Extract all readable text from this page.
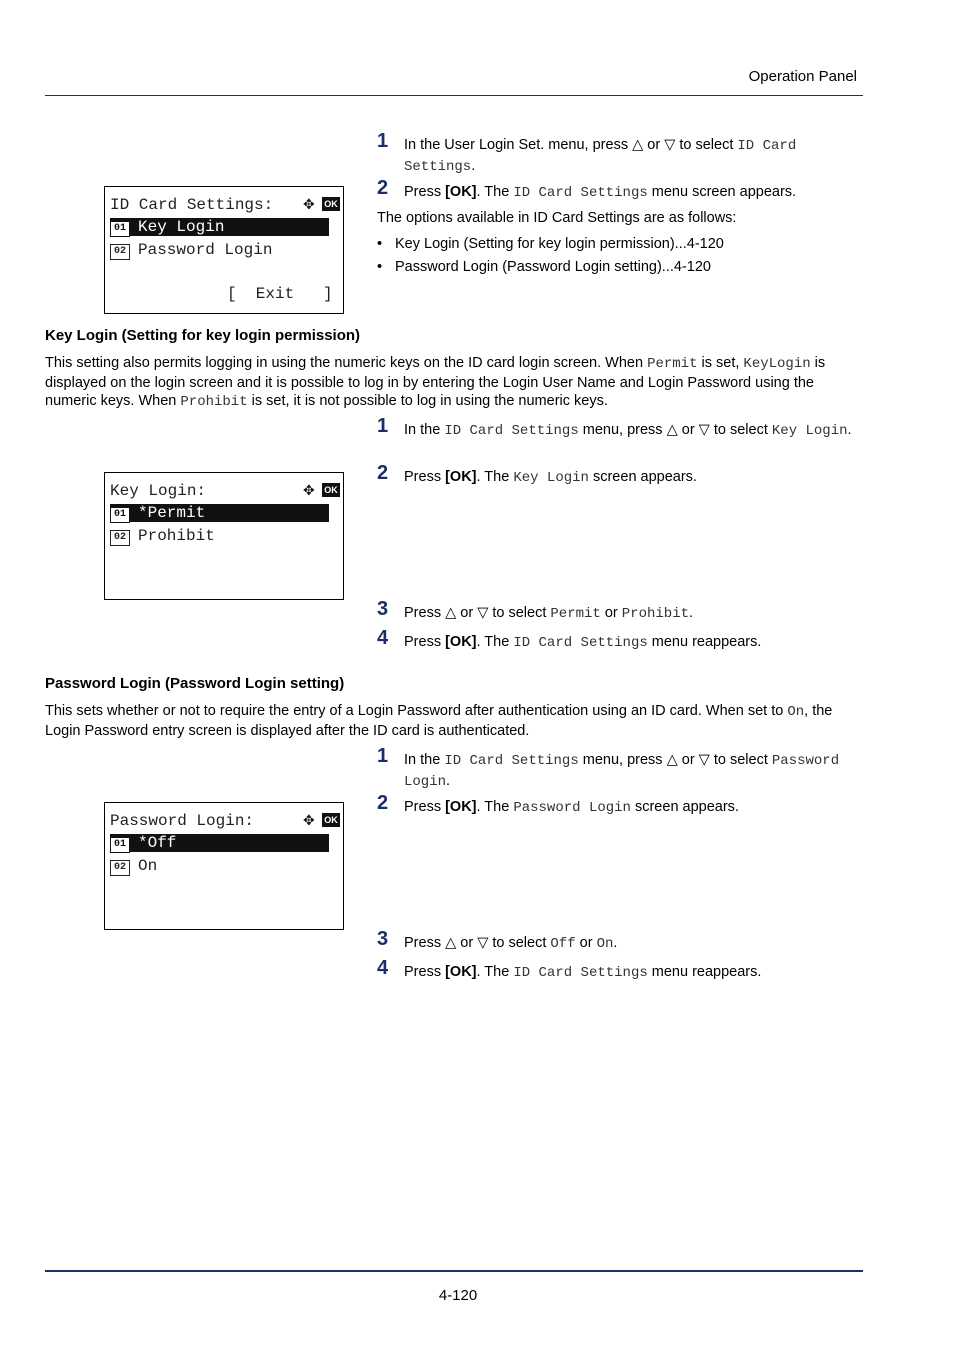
Operation Panel
ID Card Settings: ✥ OK
01 Key Login
02 Password Login
[  Exit   ]
1 In the User Login Set. menu, press △ or ▽ to select ID Card Settings.
2 Press [OK]. The ID Card Settings menu screen appears.
The options available in ID Card Settings are as follows:
• Key Login (Setting for key login permission)...4-120
• Password Login (Password Login setting)...4-120
Key Login (Setting for key login permission)
This setting also permits logging in using the numeric keys on the ID card login screen. When Permit is set, KeyLogin is displayed on the login screen and it is possible to log in by entering the Login User Name and Login Password using the numeric keys. When Prohibit is set, it is not possible to log in using the numeric keys.
Key Login:	✥ OK
01 *Permit
02 Prohibit
1 In the ID Card Settings menu, press △ or ▽ to select Key Login.
2 Press [OK]. The Key Login screen appears.
3 Press △ or ▽ to select Permit or Prohibit.
4 Press [OK]. The ID Card Settings menu reappears.
Password Login (Password Login setting)
This sets whether or not to require the entry of a Login Password after authentication using an ID card. When set to On, the Login Password entry screen is displayed after the ID card is authenticated.
Password Login:	✥ OK
01 *Off
02 On
1 In the ID Card Settings menu, press △ or ▽ to select Password Login.
2 Press [OK]. The Password Login screen appears.
3 Press △ or ▽ to select Off or On.
4 Press [OK]. The ID Card Settings menu reappears.
4-120
